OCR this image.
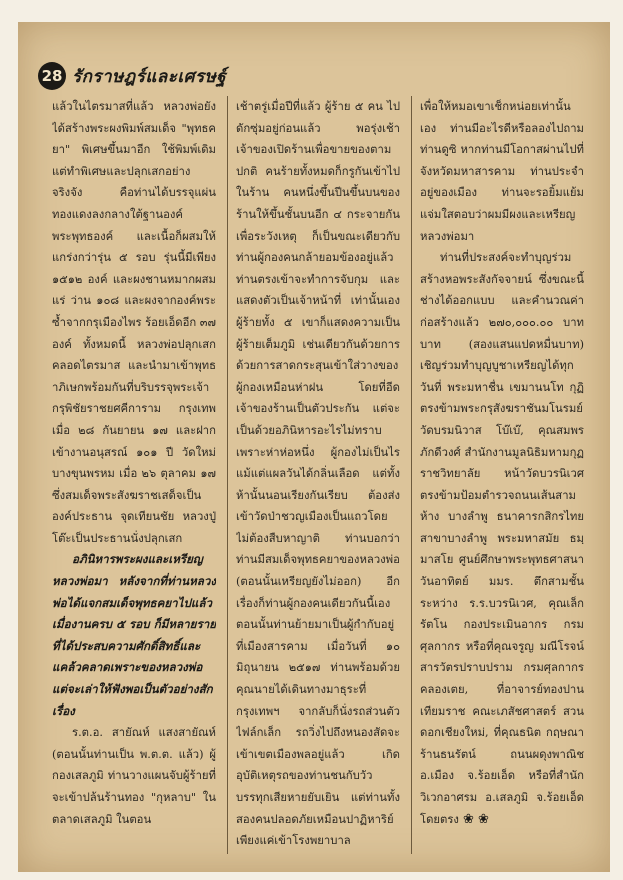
28 รักราษฎร์และเศรษฐ์

แล้วในไตรมาสที่แล้ว หลวงพ่อยังได้สร้างพระผงพิมพ์สมเด็จ "พุทธคยา" พิเศษขึ้นมาอีก ใช้พิมพ์เดิม แต่ทำพิเศษและปลุกเสกอย่างจริงจัง คือท่านได้บรรจุแผ่นทองแดงลงกลางใต้ฐานองค์พระพุทธองค์ และเนื้อก็ผสมให้แกร่งกว่ารุ่น ๕ รอบ รุ่นนี้มีเพียง ๑๕๑๒ องค์ และผงชานหมากผสมแร่ ว่าน ๑๐๘ และผงจากองค์พระซ้ำจากกรุเมืองไพร ร้อยเอ็ดอีก ๓๗ องค์ ทั้งหมดนี้ หลวงพ่อปลุกเสกคลอดไตรมาส และนำมาเข้าพุทธาภิเษกพร้อมกันที่บริบรรจุพระเจ้ากรุพิชัยราชยศคีการาม กรุงเทพ เมื่อ ๒๘ กันยายน ๑๗ และฝากเข้างานอนุสรณ์ ๑๐๑ ปี วัดใหม่บางขุนพรหม เมื่อ ๒๖ ตุลาคม ๑๗ ซึ่งสมเด็จพระสังฆราชเสด็จเป็นองค์ประธาน จุดเทียนชัย หลวงปู่โต๊ะเป็นประธานนั่งปลุกเสก

อภินิหารพระผงและเหรียญหลวงพ่อมา หลังจากที่ท่านหลวงพ่อได้แจกสมเด็จพุทธคยาไปแล้วเมื่องานครบ ๕ รอบ ก็มีหลายราย ที่ได้ประสบความศักดิ์สิทธิ์และแคล้วคลาดเพราะของหลวงพ่อ แต่จะเล่าให้ฟังพอเป็นตัวอย่างสักเรื่อง

ร.ต.อ. สายัณห์ แสงสายัณห์ (ตอนนั้นท่านเป็น พ.ต.ต. แล้ว) ผู้กองเสลภูมิ ท่านวางแผนจับผู้ร้ายที่จะเข้าปล้นร้านทอง "กุหลาบ" ในตลาดเสลภูมิ ในตอน

เช้าตรู่เมื่อปีที่แล้ว ผู้ร้าย ๕ คน ไปดักซุ่มอยู่ก่อนแล้ว พอรุ่งเช้าเจ้าของเปิดร้านเพื่อขายของตามปกติ คนร้ายทั้งหมดก็กรูกันเข้าไปในร้าน คนหนึ่งขึ้นปีนขึ้นบนของร้านให้ขึ้นชั้นบนอีก ๔ กระจายกันเพื่อระวังเหตุ ก็เป็นขณะเดียวกับท่านผู้กองคนกล้ายอมข้องอยู่แล้ว ท่านตรงเข้าจะทำการจับกุม และแสดงตัวเป็นเจ้าหน้าที่ เท่านั้นเองผู้ร้ายทั้ง ๕ เขาก็แสดงความเป็นผู้ร้ายเต็มภูมิ เช่นเดียวกันด้วยการด้วยการสาดกระสุนเข้าใส่วางของผู้กองเหมือนห่าฝน โดยที่อีดเจ้าของร้านเป็นตัวประกัน แต่จะเป็นด้วยอภินิหารอะไรไม่ทราบ เพราะห่าห่อหนึ่ง ผู้กองไม่เป็นไรแม้แต่แผลวันได้กลิ่นเลือด แต่ทั้งห้านั้นนอนเรียงกันเรียบ ต้องส่งเข้าวัดป่าชวญเมืองเป็นแถวโดยไม่ต้องสืบหาญาติ ท่านบอกว่าท่านมีสมเด็จพุทธคยาของหลวงพ่อ (ตอนนั้นเหรียญยังไม่ออก) อีกเรื่องก็ท่านผู้กองคนเดียวกันนี้เองตอนนั้นท่านย้ายมาเป็นผู้กำกับอยู่ที่เมืองสารคาม เมื่อวันที่ ๑๐ มิถุนายน ๒๕๑๗ ท่านพร้อมด้วยคุณนายได้เดินทางมาธุระที่กรุงเทพฯ จากลับก็นั่งรถส่วนตัวไฟล์กเล็ก รถวิ่งไปถึงหนองสัดจะเข้าเขตเมืองพลอยู่แล้ว เกิดอุบัติเหตุรถของท่านชนกับวัวบรรทุกเสียหายยับเยิน แต่ท่านทั้งสองคนปลอดภัยเหมือนปาฏิหาริย์ เพียงแค่เข้าโรงพยาบาล

เพื่อให้หมอเขาเช็กหน่อยเท่านั้นเอง ท่านมีอะไรดีหรือลองไปถามท่านดูซิ หากท่านมีโอกาสผ่านไปที่จังหวัดมหาสารคาม ท่านประจำอยู่ของเมือง ท่านจะรอยิ้มแย้มแจ่มใสตอบว่าผมมีผงและเหรียญหลวงพ่อมา

ท่านที่ประสงค์จะทำบุญร่วมสร้างหอพระสังกัจจายน์ ซึ่งขณะนี้ช่างได้ออกแบบ และคำนวณค่าก่อสร้างแล้ว ๒๗๐,๐๐๐.๐๐ บาทบาท (สองแสนแปดหมื่นบาท) เชิญร่วมทำบุญบูชาเหรียญได้ทุกวันที่ พระมหาชื่น เขมานนโท กุฏิตรงข้ามพระกรุสังฆราชันมโนรมย์ วัดบรมนิวาส โบ๊เบ๊, คุณสมพร ภักดีวงศ์ สำนักงานมูลนิธิมหามกุฏราชวิทยาลัย หน้าวัดบวรนิเวศ ตรงข้ามป้อมตำรวจถนนเส้นสามห้าง บางลำพู ธนาคารกสิกรไทย สาขาบางลำพู พระมหาสมัย ธมฺมาสโย ศูนย์ศึกษาพระพุทธศาสนาวันอาทิตย์ มมร. ตึกสามชั้น ระหว่าง ร.ร.บวรนิเวศ, คุณเล็ก รัตโน กองประเมินอากร กรมศุลกากร หรือที่คุณจรูญ มณีโรจน์ สารวัตรปราบปราม กรมศุลกากร คลองเตย, ที่อาจารย์ทองปาน เทียมราช คณะเภสัชศาสตร์ สวนดอกเชียงใหม่, ที่คุณธนิต กฤษณา ร้านธนรัตน์ ถนนผดุงพาณิช อ.เมือง จ.ร้อยเอ็ด หรือที่สำนักวิเวกอาศรม อ.เสลภูมิ จ.ร้อยเอ็ด โดยตรง ❀ ❀
